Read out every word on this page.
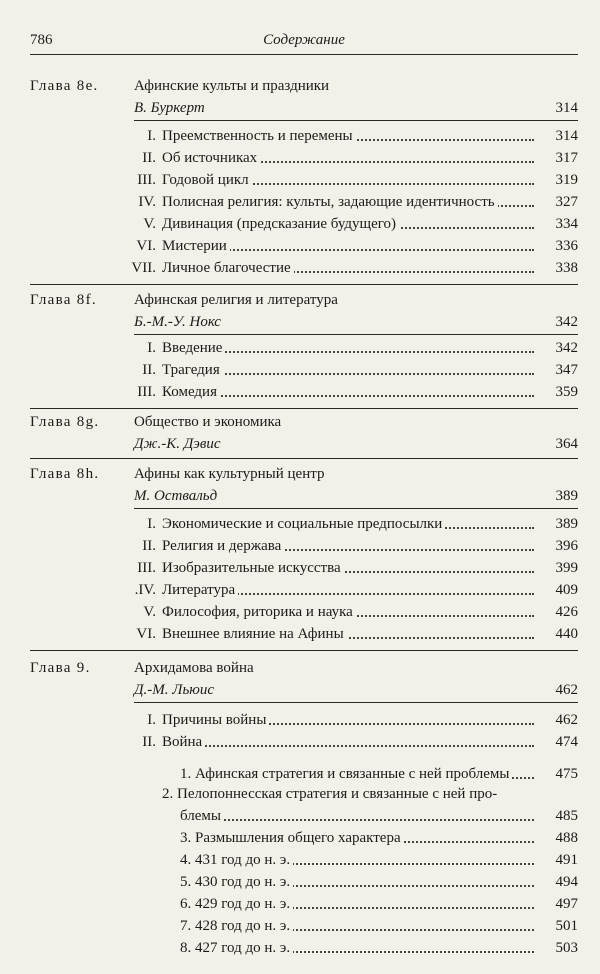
786	Содержание
Глава 8e. Афинские культы и праздники
В. Буркерт	314
I. Преемственность и перемены	314
II. Об источниках	317
III. Годовой цикл	319
IV. Полисная религия: культы, задающие идентичность	327
V. Дивинация (предсказание будущего)	334
VI. Мистерии	336
VII. Личное благочестие	338
Глава 8f. Афинская религия и литература
Б.-М.-У. Нокс	342
I. Введение	342
II. Трагедия	347
III. Комедия	359
Глава 8g. Общество и экономика
Дж.-К. Дэвис	364
Глава 8h. Афины как культурный центр
М. Оствальд	389
I. Экономические и социальные предпосылки	389
II. Религия и держава	396
III. Изобразительные искусства	399
.IV. Литература	409
V. Философия, риторика и наука	426
VI. Внешнее влияние на Афины	440
Глава 9.	Архидамова война
Д.-М. Льюис	462
I. Причины войны	462
II. Война	474
1. Афинская стратегия и связанные с ней проблемы	475
2. Пелопоннесская стратегия и связанные с ней про-
блемы	485
3. Размышления общего характера	488
4. 431 год до н. э.	491
5. 430 год до н. э.	494
6. 429 год до н. э.	497
7. 428 год до н. э.	501
8. 427 год до н. э.	503
